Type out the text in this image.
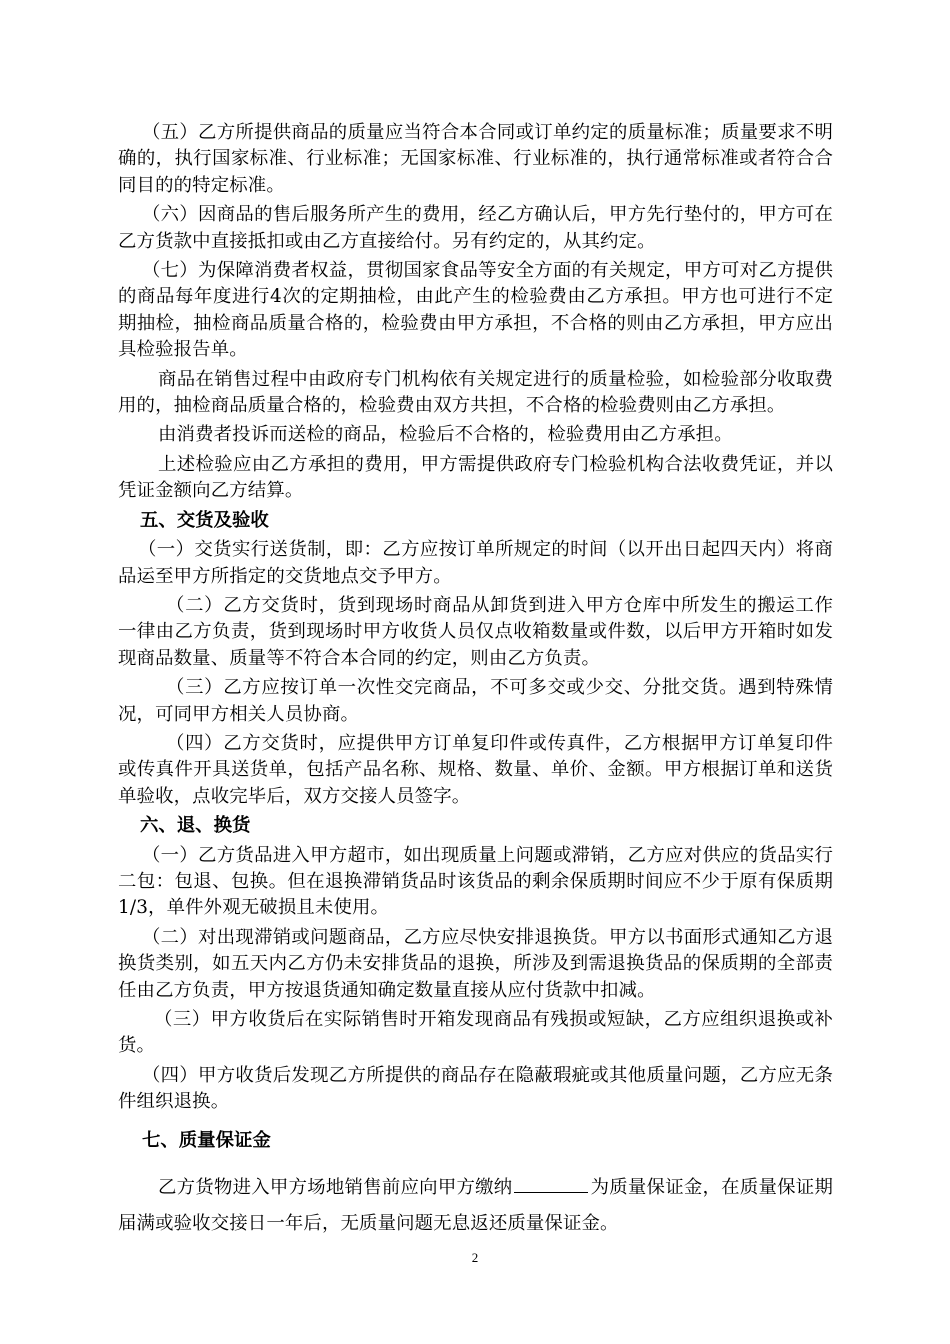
（五）乙方所提供商品的质量应当符合本合同或订单约定的质量标准；质量要求不明确的，执行国家标准、行业标准；无国家标准、行业标准的，执行通常标准或者符合合同目的的特定标准。

（六）因商品的售后服务所产生的费用，经乙方确认后，甲方先行垫付的，甲方可在乙方货款中直接抵扣或由乙方直接给付。另有约定的，从其约定。

（七）为保障消费者权益，贯彻国家食品等安全方面的有关规定，甲方可对乙方提供的商品每年度进行4次的定期抽检，由此产生的检验费由乙方承担。甲方也可进行不定期抽检，抽检商品质量合格的，检验费由甲方承担，不合格的则由乙方承担，甲方应出具检验报告单。

商品在销售过程中由政府专门机构依有关规定进行的质量检验，如检验部分收取费用的，抽检商品质量合格的，检验费由双方共担，不合格的检验费则由乙方承担。

由消费者投诉而送检的商品，检验后不合格的，检验费用由乙方承担。

上述检验应由乙方承担的费用，甲方需提供政府专门检验机构合法收费凭证，并以凭证金额向乙方结算。

五、交货及验收

（一）交货实行送货制，即：乙方应按订单所规定的时间（以开出日起四天内）将商品运至甲方所指定的交货地点交予甲方。

（二）乙方交货时，货到现场时商品从卸货到进入甲方仓库中所发生的搬运工作一律由乙方负责，货到现场时甲方收货人员仅点收箱数量或件数，以后甲方开箱时如发现商品数量、质量等不符合本合同的约定，则由乙方负责。

（三）乙方应按订单一次性交完商品，不可多交或少交、分批交货。遇到特殊情况，可同甲方相关人员协商。

（四）乙方交货时，应提供甲方订单复印件或传真件，乙方根据甲方订单复印件或传真件开具送货单，包括产品名称、规格、数量、单价、金额。甲方根据订单和送货单验收，点收完毕后，双方交接人员签字。

六、退、换货

（一）乙方货品进入甲方超市，如出现质量上问题或滞销，乙方应对供应的货品实行二包：包退、包换。但在退换滞销货品时该货品的剩余保质期时间应不少于原有保质期1/3，单件外观无破损且未使用。

（二）对出现滞销或问题商品，乙方应尽快安排退换货。甲方以书面形式通知乙方退换货类别，如五天内乙方仍未安排货品的退换，所涉及到需退换货品的保质期的全部责任由乙方负责，甲方按退货通知确定数量直接从应付货款中扣减。

（三）甲方收货后在实际销售时开箱发现商品有残损或短缺，乙方应组织退换或补货。

（四）甲方收货后发现乙方所提供的商品存在隐蔽瑕疵或其他质量问题，乙方应无条件组织退换。

七、质量保证金

乙方货物进入甲方场地销售前应向甲方缴纳	为质量保证金，在质量保证期届满或验收交接日一年后，无质量问题无息返还质量保证金。

2
